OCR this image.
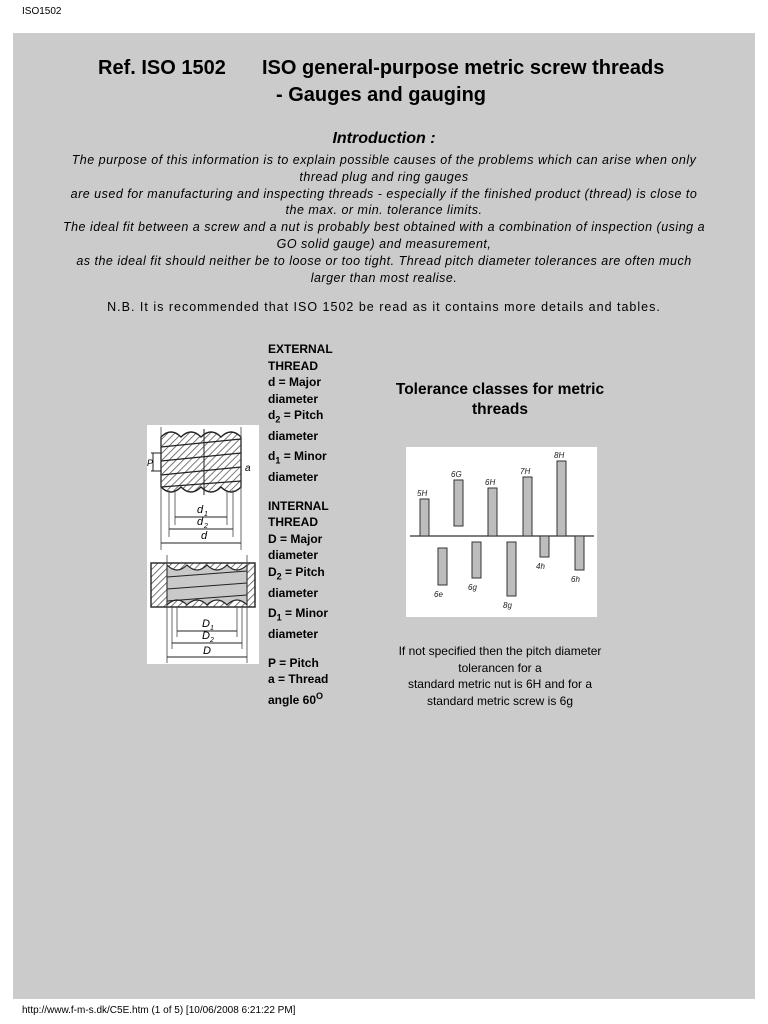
ISO1502
Ref. ISO 1502 ISO general-purpose metric screw threads
- Gauges and gauging
Introduction :
The purpose of this information is to explain possible causes of the problems which can arise when only
thread plug and ring gauges
are used for manufacturing and inspecting threads - especially if the finished product (thread) is close to
the max. or min. tolerance limits.
The ideal fit between a screw and a nut is probably best obtained with a combination of inspection (using a
GO solid gauge) and measurement,
as the ideal fit should neither be to loose or too tight. Thread pitch diameter tolerances are often much
larger than most realise.
N.B. It is recommended that ISO 1502 be read as it contains more details and tables.
P
d 1
d 2
d
a
D 1
D 2
D
EXTERNAL THREAD
d = Major diameter
$d_2$ = Pitch diameter
$d_1$ = Minor diameter
INTERNAL THREAD
D = Major diameter
$D_2$ = Pitch diameter
$D_1$ = Minor diameter
P = Pitch
a = Thread angle $60^O$
Tolerance classes for metric threads
5H
6G
6H
7H
8H
6e
6g
8g
4h
6h
If not specified then the pitch diameter
tolerancen for a
standard metric nut is 6H and for a
standard metric screw is 6g
http://www.f-m-s.dk/C5E.htm (1 of 5) [10/06/2008 6:21:22 PM]
